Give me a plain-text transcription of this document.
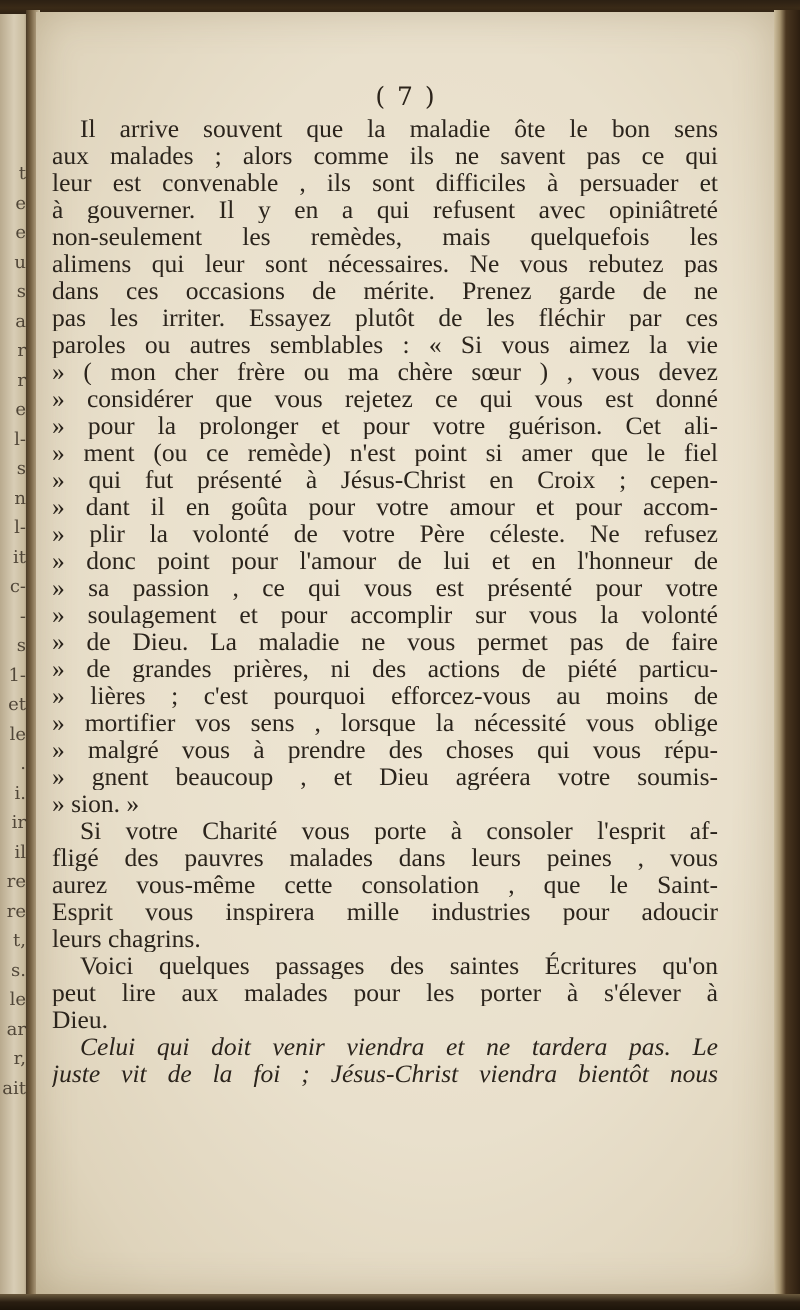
t
e
e
u
s
a
r
r
e
l-
s
n
l-
it
c-
-
s
1-
et
le
.
i.
ir
il
re
re
t,
s.
le
ar
r,
ait
( 7 )
Il arrive souvent que la maladie ôte le bon sens
aux malades ; alors comme ils ne savent pas ce qui
leur est convenable , ils sont difficiles à persuader et
à gouverner. Il y en a qui refusent avec opiniâtreté
non-seulement les remèdes, mais quelquefois les
alimens qui leur sont nécessaires. Ne vous rebutez pas
dans ces occasions de mérite. Prenez garde de ne
pas les irriter. Essayez plutôt de les fléchir par ces
paroles ou autres semblables : « Si vous aimez la vie
» ( mon cher frère ou ma chère sœur ) , vous devez
» considérer que vous rejetez ce qui vous est donné
» pour la prolonger et pour votre guérison. Cet ali-
» ment (ou ce remède) n'est point si amer que le fiel
» qui fut présenté à Jésus-Christ en Croix ; cepen-
» dant il en goûta pour votre amour et pour accom-
» plir la volonté de votre Père céleste. Ne refusez
» donc point pour l'amour de lui et en l'honneur de
» sa passion , ce qui vous est présenté pour votre
» soulagement et pour accomplir sur vous la volonté
» de Dieu. La maladie ne vous permet pas de faire
» de grandes prières, ni des actions de piété particu-
» lières ; c'est pourquoi efforcez-vous au moins de
» mortifier vos sens , lorsque la nécessité vous oblige
» malgré vous à prendre des choses qui vous répu-
» gnent beaucoup , et Dieu agréera votre soumis-
» sion. »
Si votre Charité vous porte à consoler l'esprit af-
fligé des pauvres malades dans leurs peines , vous
aurez vous-même cette consolation , que le Saint-
Esprit vous inspirera mille industries pour adoucir
leurs chagrins.
Voici quelques passages des saintes Écritures qu'on
peut lire aux malades pour les porter à s'élever à
Dieu.
Celui qui doit venir viendra et ne tardera pas. Le
juste vit de la foi ; Jésus-Christ viendra bientôt nous
